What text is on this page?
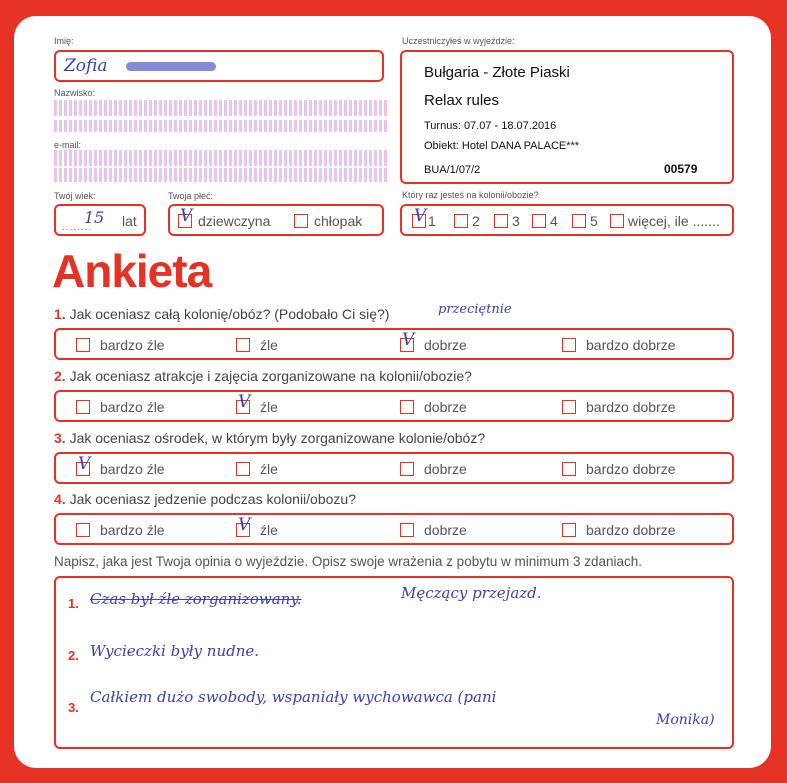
Imię:
Zofia
Nazwisko:
e-mail:
Twój wiek:
........
15 lat
Twoja płeć:
V dziewczyna	chłopak
Uczestniczyłeś w wyjeździe:
Bułgaria - Złote Piaski
Relax rules
Turnus: 07.07 - 18.07.2016
Obiekt: Hotel DANA PALACE***
BUA/1/07/2	00579
Który raz jesteś na kolonii/obozie?
V 1	2 3 4 5 więcej, ile .......
Ankieta
1. Jak oceniasz całą kolonię/obóz? (Podobało Ci się?)	przeciętnie
bardzo źle	źle	V dobrze	bardzo dobrze
2. Jak oceniasz atrakcje i zajęcia zorganizowane na kolonii/obozie?
bardzo źle	V źle	dobrze	bardzo dobrze
3. Jak oceniasz ośrodek, w którym były zorganizowane kolonie/obóz?
V bardzo źle	źle	dobrze	bardzo dobrze
4. Jak oceniasz jedzenie podczas kolonii/obozu?
bardzo źle	V źle	dobrze	bardzo dobrze
Napisz, jaka jest Twoja opinia o wyjeździe. Opisz swoje wrażenia z pobytu w minimum 3 zdaniach.
1. Czas był źle zorganizowany.	Męczący przejazd.
2. Wycieczki były nudne.
3.
Całkiem dużo swobody, wspaniały wychowawca (pani
Monika)
